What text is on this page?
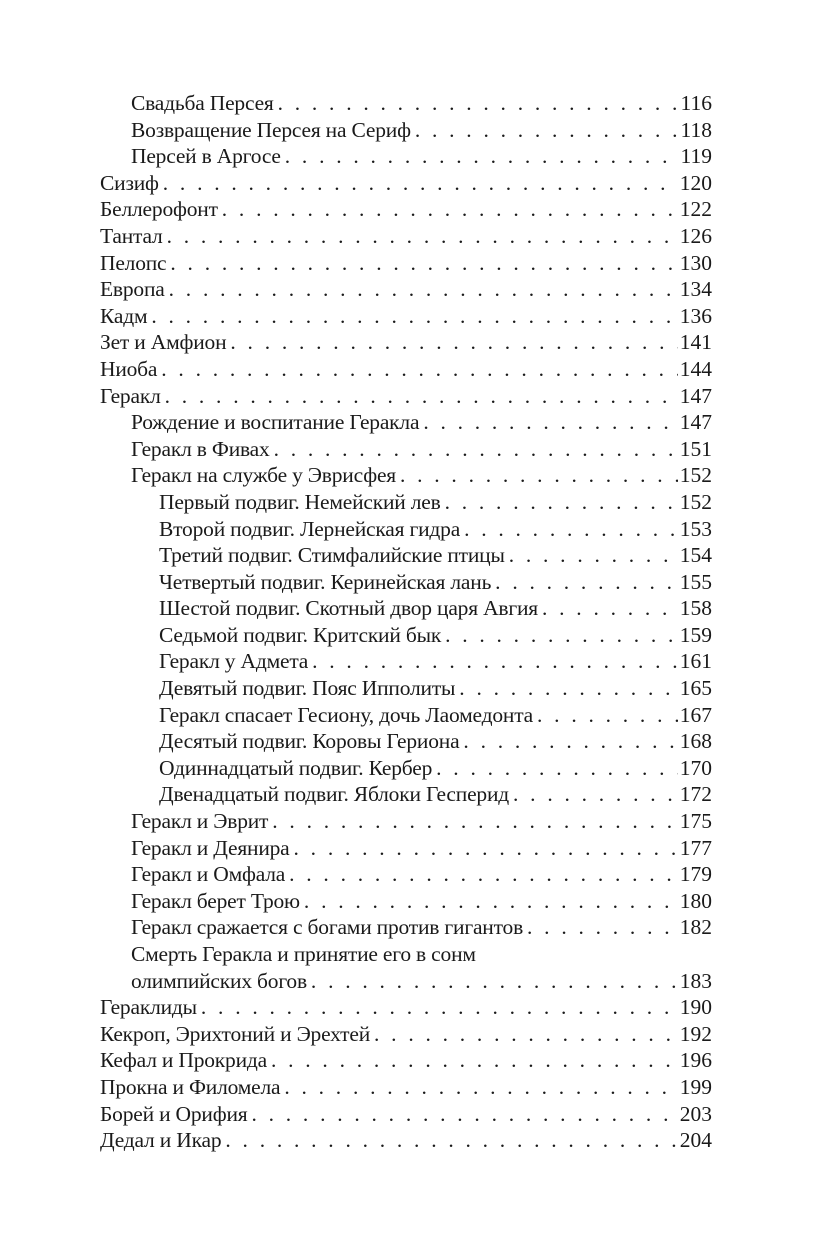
Свадьба Персея . . .	116
Возвращение Персея на Сериф . . .	118
Персей в Аргосе . . .	119
Сизиф . . .	120
Беллерофонт . . .	122
Тантал . . .	126
Пелопс . . .	130
Европа . . .	134
Кадм . . .	136
Зет и Амфион . . .	141
Ниоба . . .	144
Геракл . . .	147
Рождение и воспитание Геракла . . .	147
Геракл в Фивах . . .	151
Геракл на службе у Эврисфея . . .	152
Первый подвиг. Немейский лев . . .	152
Второй подвиг. Лернейская гидра . . .	153
Третий подвиг. Стимфалийские птицы . . .	154
Четвертый подвиг. Керинейская лань . . .	155
Шестой подвиг. Скотный двор царя Авгия . . .	158
Седьмой подвиг. Критский бык . . .	159
Геракл у Адмета . . .	161
Девятый подвиг. Пояс Ипполиты . . .	165
Геракл спасает Гесиону, дочь Лаомедонта . . .	167
Десятый подвиг. Коровы Гериона . . .	168
Одиннадцатый подвиг. Кербер . . .	170
Двенадцатый подвиг. Яблоки Гесперид . . .	172
Геракл и Эврит . . .	175
Геракл и Деянира . . .	177
Геракл и Омфала . . .	179
Геракл берет Трою . . .	180
Геракл сражается с богами против гигантов . . .	182
Смерть Геракла и принятие его в сонм
олимпийских богов . . .	183
Гераклиды . . .	190
Кекроп, Эрихтоний и Эрехтей . . .	192
Кефал и Прокрида . . .	196
Прокна и Филомела . . .	199
Борей и Орифия . . .	203
Дедал и Икар . . .	204
